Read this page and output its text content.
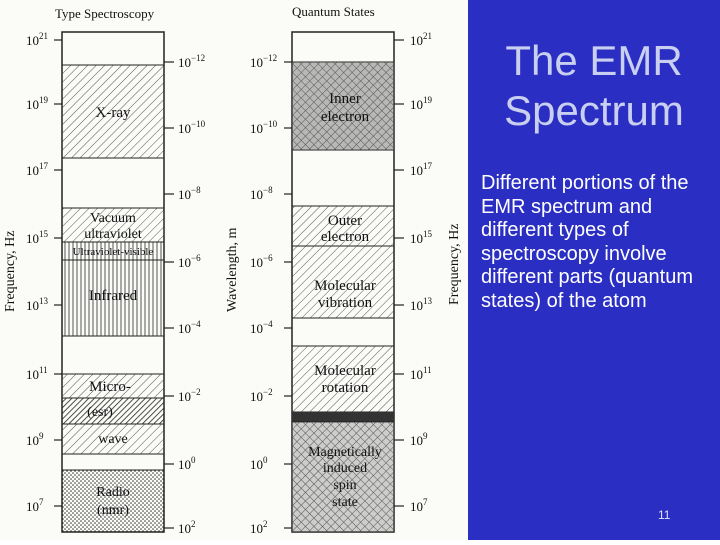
Type Spectroscopy	Quantum States
Frequency, Hz	Wavelength, m	Frequency, Hz
X-ray
Vacuum
ultraviolet
Ultraviolet-visible
Infrared
Micro-
(esr)
wave
Radio
(nmr)
Inner
electron
Outer
electron
Molecular
vibration
Molecular
rotation
Magnetically
induced
spin
state
$10^{21}$	$10^{21}$
$10^{19}$	$10^{19}$
$10^{17}$	$10^{17}$
$10^{15}$	$10^{15}$
$10^{13}$	$10^{13}$
$10^{11}$	$10^{11}$
$10^9$	$10^9$
$10^7$	$10^7$
$10^{-12}$	$10^{-12}$
$10^{-10}$	$10^{-10}$
$10^{-8}$	$10^{-8}$
$10^{-6}$	$10^{-6}$
$10^{-4}$	$10^{-4}$
$10^{-2}$	$10^{-2}$
$10^0$	$10^0$
$10^2$	$10^2$
The EMR
Spectrum
Different portions of the EMR spectrum and different types of spectroscopy involve different parts (quantum states) of the atom
11
